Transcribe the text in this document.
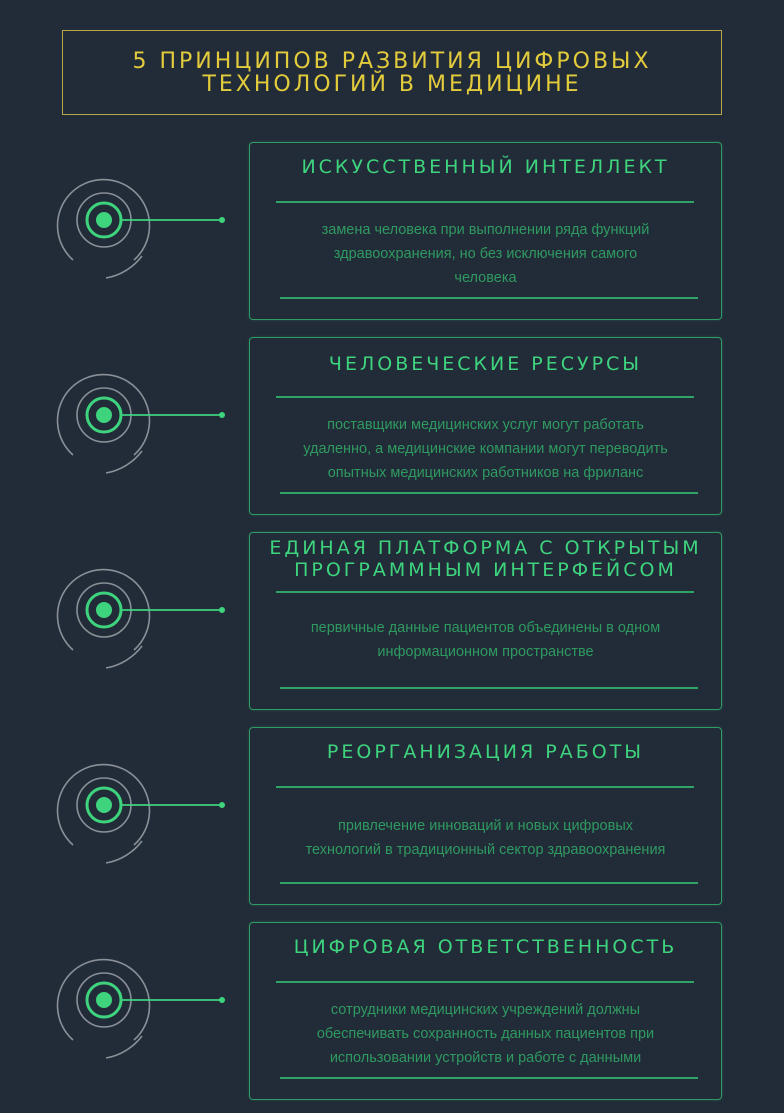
5 ПРИНЦИПОВ РАЗВИТИЯ ЦИФРОВЫХ
ТЕХНОЛОГИЙ В МЕДИЦИНЕ
ИСКУССТВЕННЫЙ ИНТЕЛЛЕКТ
замена человека при выполнении ряда функций
здравоохранения, но без исключения самого
человека
ЧЕЛОВЕЧЕСКИЕ РЕСУРСЫ
поставщики медицинских услуг могут работать
удаленно, а медицинские компании могут переводить
опытных медицинских работников на фриланс
ЕДИНАЯ ПЛАТФОРМА С ОТКРЫТЫМ
ПРОГРАММНЫМ ИНТЕРФЕЙСОМ
первичные данные пациентов объединены в одном
информационном пространстве
РЕОРГАНИЗАЦИЯ РАБОТЫ
привлечение инноваций и новых цифровых
технологий в традиционный сектор здравоохранения
ЦИФРОВАЯ ОТВЕТСТВЕННОСТЬ
сотрудники медицинских учреждений должны
обеспечивать сохранность данных пациентов при
использовании устройств и работе с данными
